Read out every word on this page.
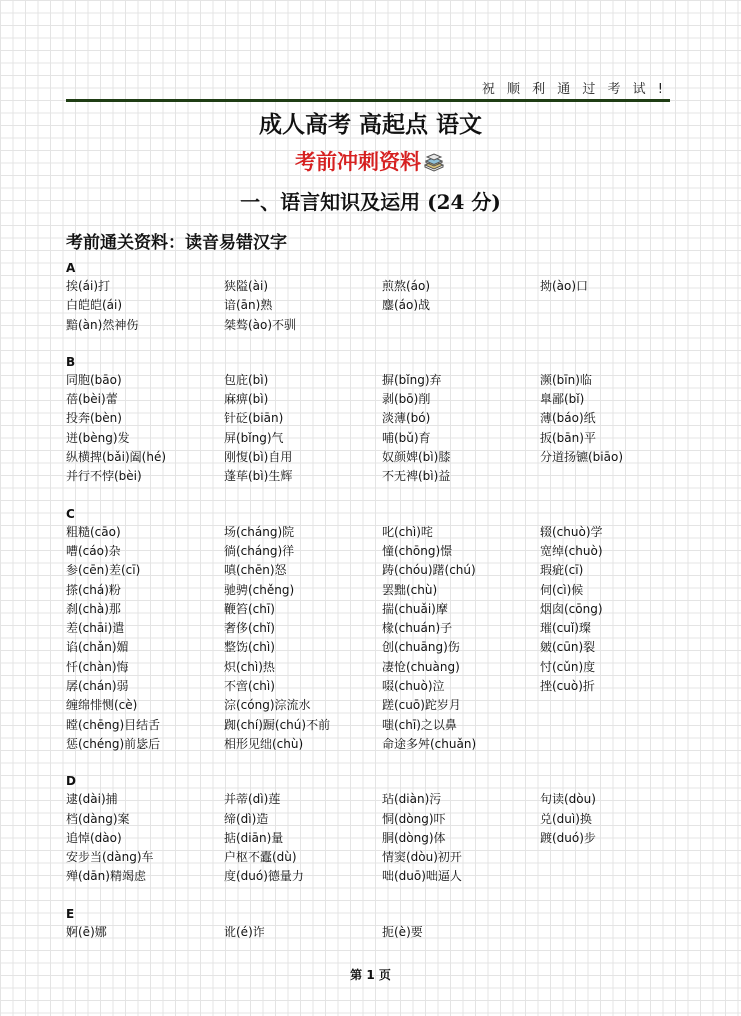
祝 顺 利 通 过 考 试 !
成人高考 高起点 语文
考前冲刺资料
一、语言知识及运用 (24 分)
考前通关资料：读音易错汉字
A
挨(ái)打	狭隘(ài)	煎熬(áo)	拗(ào)口
白皑皑(ái)	谙(ān)熟	鏖(áo)战
黯(àn)然神伤	桀骜(ào)不驯
B
同胞(bāo)	包庇(bì)	摒(bǐng)弃	濒(bīn)临
蓓(bèi)蕾	麻痹(bì)	剥(bō)削	臯鄙(bǐ)
投奔(bèn)	针砭(biān)	淡薄(bó)	薄(báo)纸
迸(bèng)发	屏(bǐng)气	哺(bǔ)育	扳(bān)平
纵横捭(bǎi)阖(hé)	刚愎(bì)自用	奴颜婢(bì)膝	分道扬镳(biāo)
并行不悖(bèi)	蓬荜(bì)生辉	不无裨(bì)益
C
粗糙(cāo)	场(cháng)院	叱(chì)咤	辍(chuò)学
嘈(cáo)杂	徜(cháng)徉	憧(chōng)憬	宽绰(chuò)
参(cēn)差(cī)	嗔(chēn)怒	踌(chóu)躇(chú)	瑕疵(cī)
搽(chá)粉	驰骋(chěng)	罢黜(chù)	伺(cì)候
刹(chà)那	鞭笞(chī)	揣(chuǎi)摩	烟囱(cōng)
差(chāi)遣	奢侈(chǐ)	椽(chuán)子	璀(cuǐ)璨
谄(chǎn)媚	整饬(chì)	创(chuāng)伤	皴(cūn)裂
忏(chàn)悔	炽(chì)热	凄怆(chuàng)	忖(cǔn)度
孱(chán)弱	不啻(chì)	啜(chuò)泣	挫(cuò)折
缠绵悱恻(cè)	淙(cóng)淙流水	蹉(cuō)跎岁月
瞠(chēng)目结舌	踟(chí)蹰(chú)不前	嗤(chī)之以鼻
惩(chéng)前毖后	相形见绌(chù)	命途多舛(chuǎn)
D
逮(dài)捕	并蒂(dì)莲	玷(diàn)污	句读(dòu)
档(dàng)案	缔(dì)造	恫(dòng)吓	兑(duì)换
追悼(dào)	掂(diān)量	胴(dòng)体	踱(duó)步
安步当(dàng)车	户枢不蠹(dù)	情窦(dòu)初开
殚(dān)精竭虑	度(duó)德量力	咄(duō)咄逼人
E
婀(ē)娜	讹(é)诈	扼(è)要
第 1 页
